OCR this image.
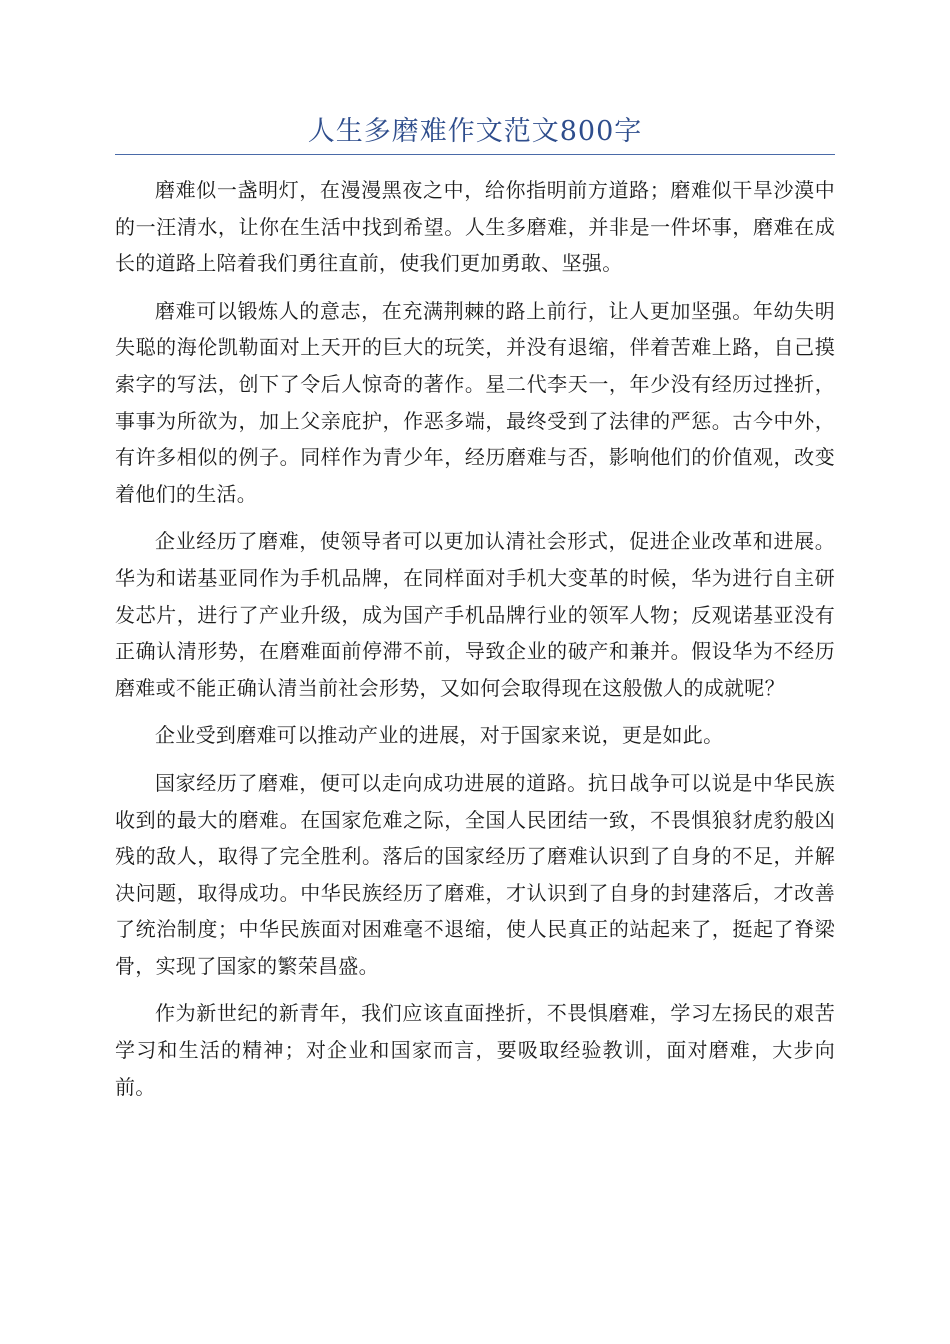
人生多磨难作文范文800字

磨难似一盏明灯，在漫漫黑夜之中，给你指明前方道路；磨难似干旱沙漠中的一汪清水，让你在生活中找到希望。人生多磨难，并非是一件坏事，磨难在成长的道路上陪着我们勇往直前，使我们更加勇敢、坚强。

磨难可以锻炼人的意志，在充满荆棘的路上前行，让人更加坚强。年幼失明失聪的海伦凯勒面对上天开的巨大的玩笑，并没有退缩，伴着苦难上路，自己摸索字的写法，创下了令后人惊奇的著作。星二代李天一，年少没有经历过挫折，事事为所欲为，加上父亲庇护，作恶多端，最终受到了法律的严惩。古今中外，有许多相似的例子。同样作为青少年，经历磨难与否，影响他们的价值观，改变着他们的生活。

企业经历了磨难，使领导者可以更加认清社会形式，促进企业改革和进展。华为和诺基亚同作为手机品牌，在同样面对手机大变革的时候，华为进行自主研发芯片，进行了产业升级，成为国产手机品牌行业的领军人物；反观诺基亚没有正确认清形势，在磨难面前停滞不前，导致企业的破产和兼并。假设华为不经历磨难或不能正确认清当前社会形势，又如何会取得现在这般傲人的成就呢？

企业受到磨难可以推动产业的进展，对于国家来说，更是如此。

国家经历了磨难，便可以走向成功进展的道路。抗日战争可以说是中华民族收到的最大的磨难。在国家危难之际，全国人民团结一致，不畏惧狼豺虎豹般凶残的敌人，取得了完全胜利。落后的国家经历了磨难认识到了自身的不足，并解决问题，取得成功。中华民族经历了磨难，才认识到了自身的封建落后，才改善了统治制度；中华民族面对困难毫不退缩，使人民真正的站起来了，挺起了脊梁骨，实现了国家的繁荣昌盛。

作为新世纪的新青年，我们应该直面挫折，不畏惧磨难，学习左扬民的艰苦学习和生活的精神；对企业和国家而言，要吸取经验教训，面对磨难，大步向前。
